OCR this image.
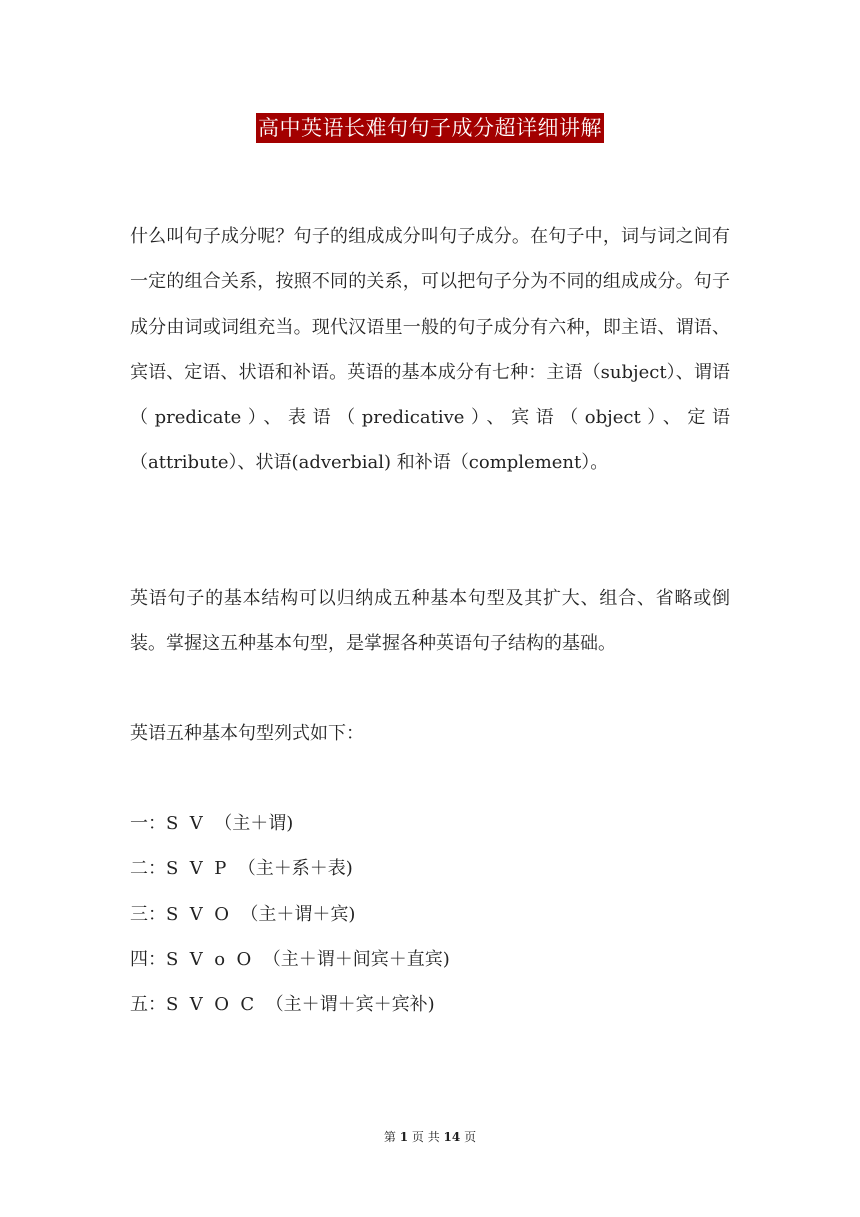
高中英语长难句句子成分超详细讲解

什么叫句子成分呢？句子的组成成分叫句子成分。在句子中，词与词之间有一定的组合关系，按照不同的关系，可以把句子分为不同的组成成分。句子成分由词或词组充当。现代汉语里一般的句子成分有六种，即主语、谓语、宾语、定语、状语和补语。英语的基本成分有七种：主语（subject）、谓语（predicate）、表语（predicative）、宾语（object）、定语（attribute）、状语(adverbial) 和补语（complement）。

英语句子的基本结构可以归纳成五种基本句型及其扩大、组合、省略或倒装。掌握这五种基本句型，是掌握各种英语句子结构的基础。

英语五种基本句型列式如下：

一：S  V  （主＋谓)
二：S  V  P  （主＋系＋表)
三：S  V  O  （主＋谓＋宾)
四：S  V  o  O  （主＋谓＋间宾＋直宾)
五：S  V  O  C  （主＋谓＋宾＋宾补)
第 1 页 共 14 页
